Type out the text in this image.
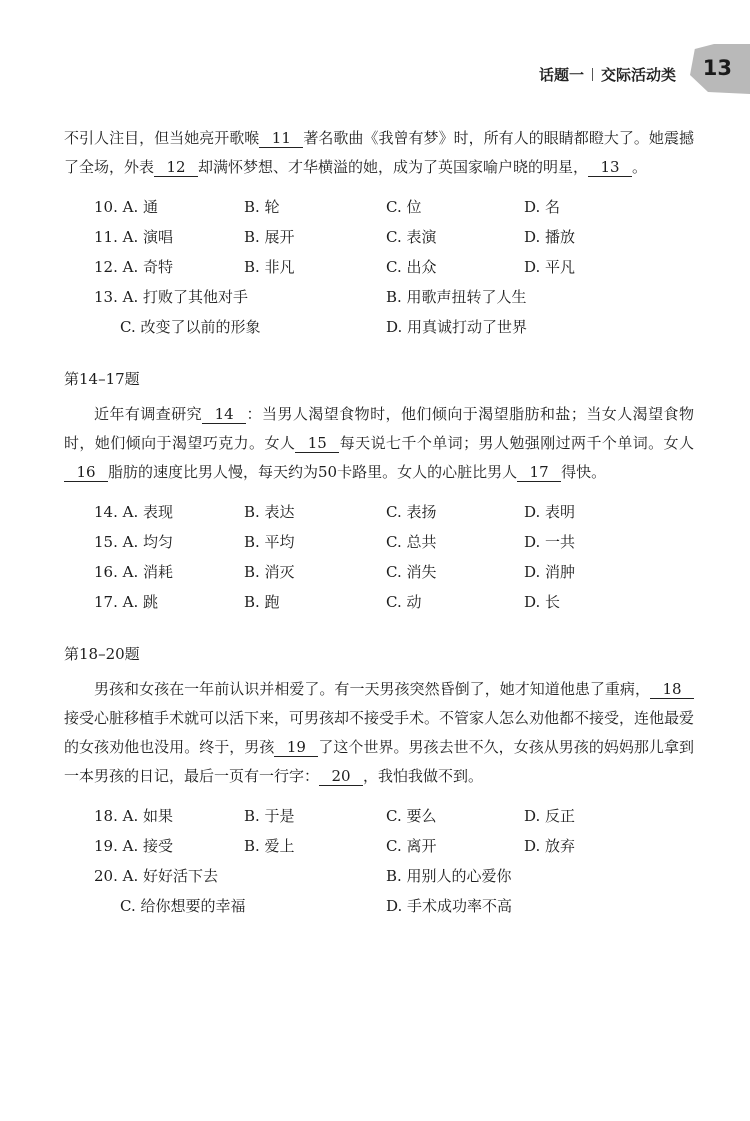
话题一 交际活动类 13

不引人注目，但当她亮开歌喉 11 著名歌曲《我曾有梦》时，所有人的眼睛都瞪大了。她震撼了全场，外表 12 却满怀梦想、才华横溢的她，成为了英国家喻户晓的明星， 13 。

10. A. 通	B. 轮	C. 位	D. 名
11. A. 演唱	B. 展开	C. 表演	D. 播放
12. A. 奇特	B. 非凡	C. 出众	D. 平凡
13. A. 打败了其他对手	B. 用歌声扭转了人生
C. 改变了以前的形象	D. 用真诚打动了世界
第14–17题

近年有调查研究 14 ：当男人渴望食物时，他们倾向于渴望脂肪和盐；当女人渴望食物时，她们倾向于渴望巧克力。女人 15 每天说七千个单词；男人勉强刚过两千个单词。女人16 脂肪的速度比男人慢，每天约为50卡路里。女人的心脏比男人 17 得快。

14. A. 表现	B. 表达	C. 表扬	D. 表明
15. A. 均匀	B. 平均	C. 总共	D. 一共
16. A. 消耗	B. 消灭	C. 消失	D. 消肿
17. A. 跳	B. 跑	C. 动	D. 长
第18–20题

男孩和女孩在一年前认识并相爱了。有一天男孩突然昏倒了，她才知道他患了重病， 18接受心脏移植手术就可以活下来，可男孩却不接受手术。不管家人怎么劝他都不接受，连他最爱的女孩劝他也没用。终于，男孩 19 了这个世界。男孩去世不久，女孩从男孩的妈妈那儿拿到一本男孩的日记，最后一页有一行字： 20 ，我怕我做不到。

18. A. 如果	B. 于是	C. 要么	D. 反正
19. A. 接受	B. 爱上	C. 离开	D. 放弃
20. A. 好好活下去	B. 用别人的心爱你
C. 给你想要的幸福	D. 手术成功率不高
